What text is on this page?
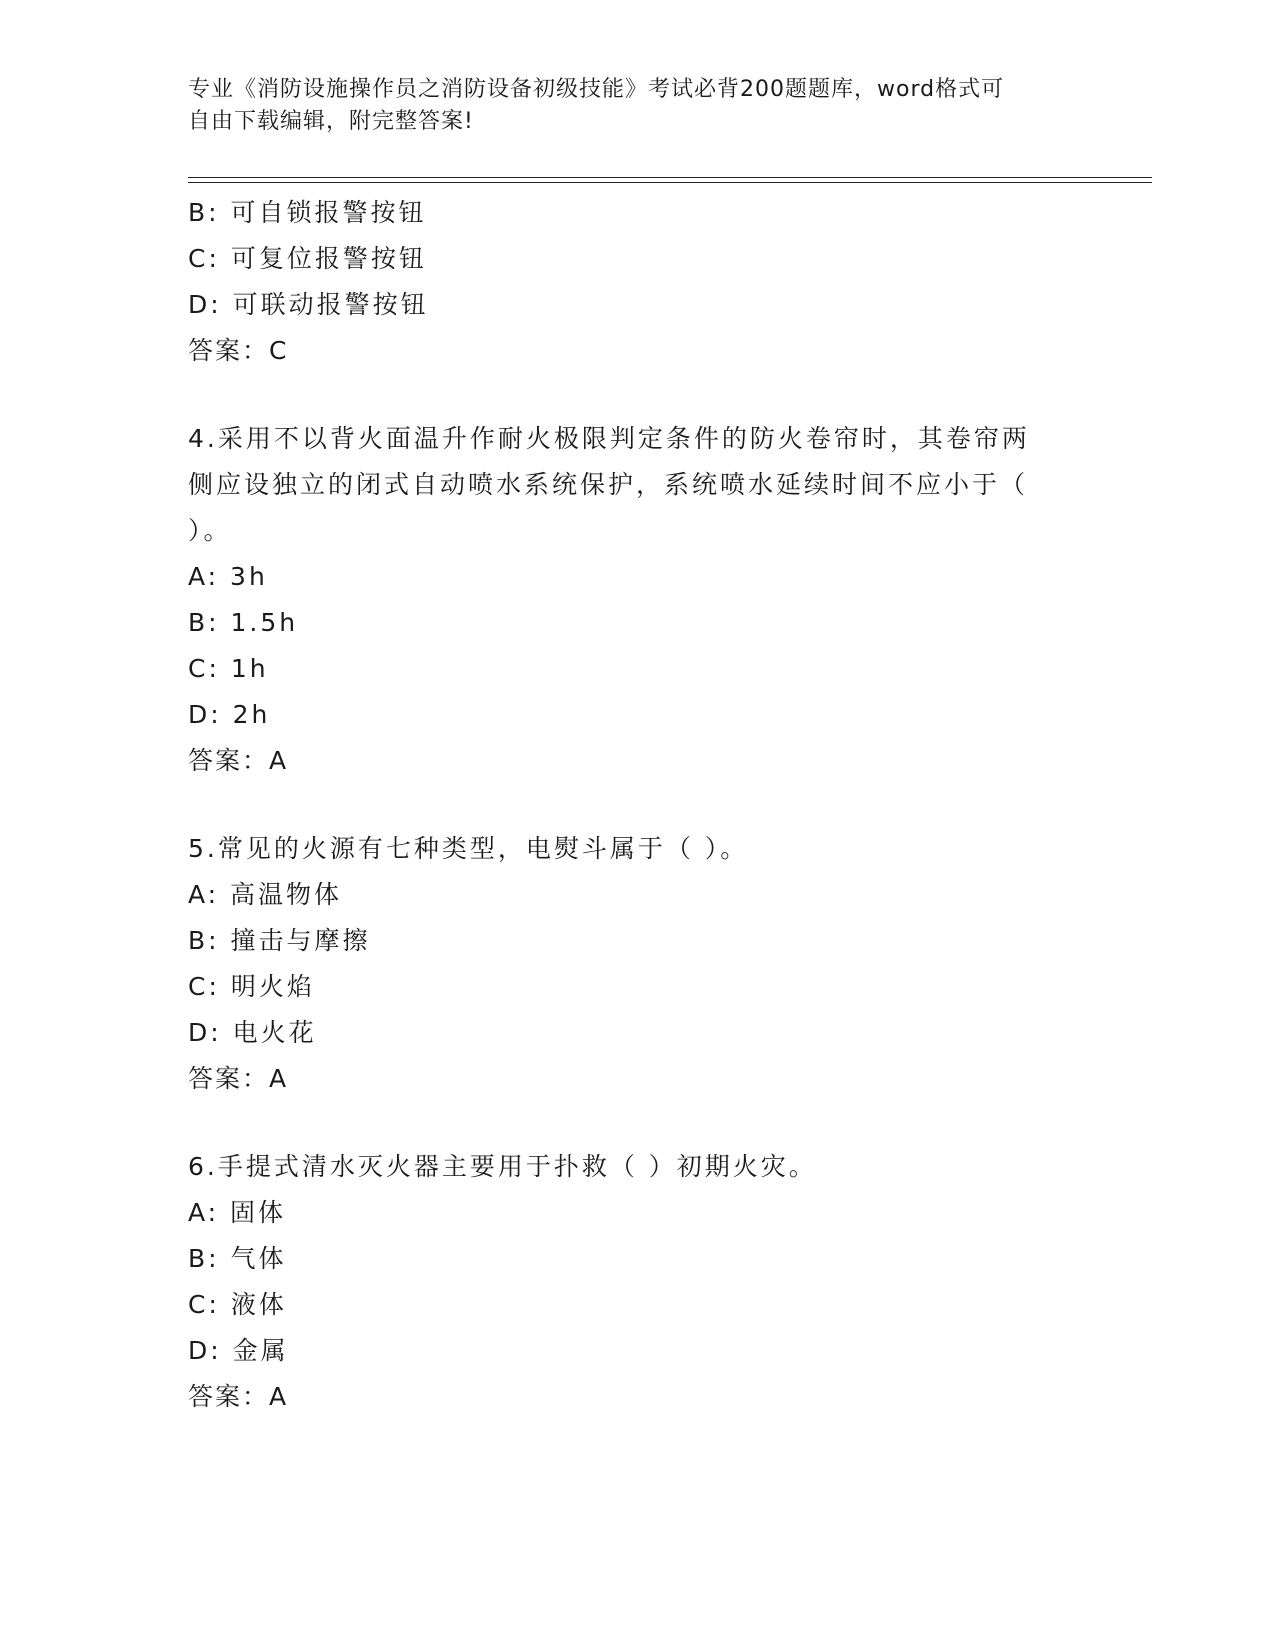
专业《消防设施操作员之消防设备初级技能》考试必背200题题库，word格式可
自由下载编辑，附完整答案!
B: 可自锁报警按钮
C: 可复位报警按钮
D: 可联动报警按钮
答案：C
4.采用不以背火面温升作耐火极限判定条件的防火卷帘时，其卷帘两
侧应设独立的闭式自动喷水系统保护，系统喷水延续时间不应小于（
）。
A: 3h
B: 1.5h
C: 1h
D: 2h
答案：A
5.常见的火源有七种类型，电熨斗属于（ ）。
A: 高温物体
B: 撞击与摩擦
C: 明火焰
D: 电火花
答案：A
6.手提式清水灭火器主要用于扑救（ ）初期火灾。
A: 固体
B: 气体
C: 液体
D: 金属
答案：A
